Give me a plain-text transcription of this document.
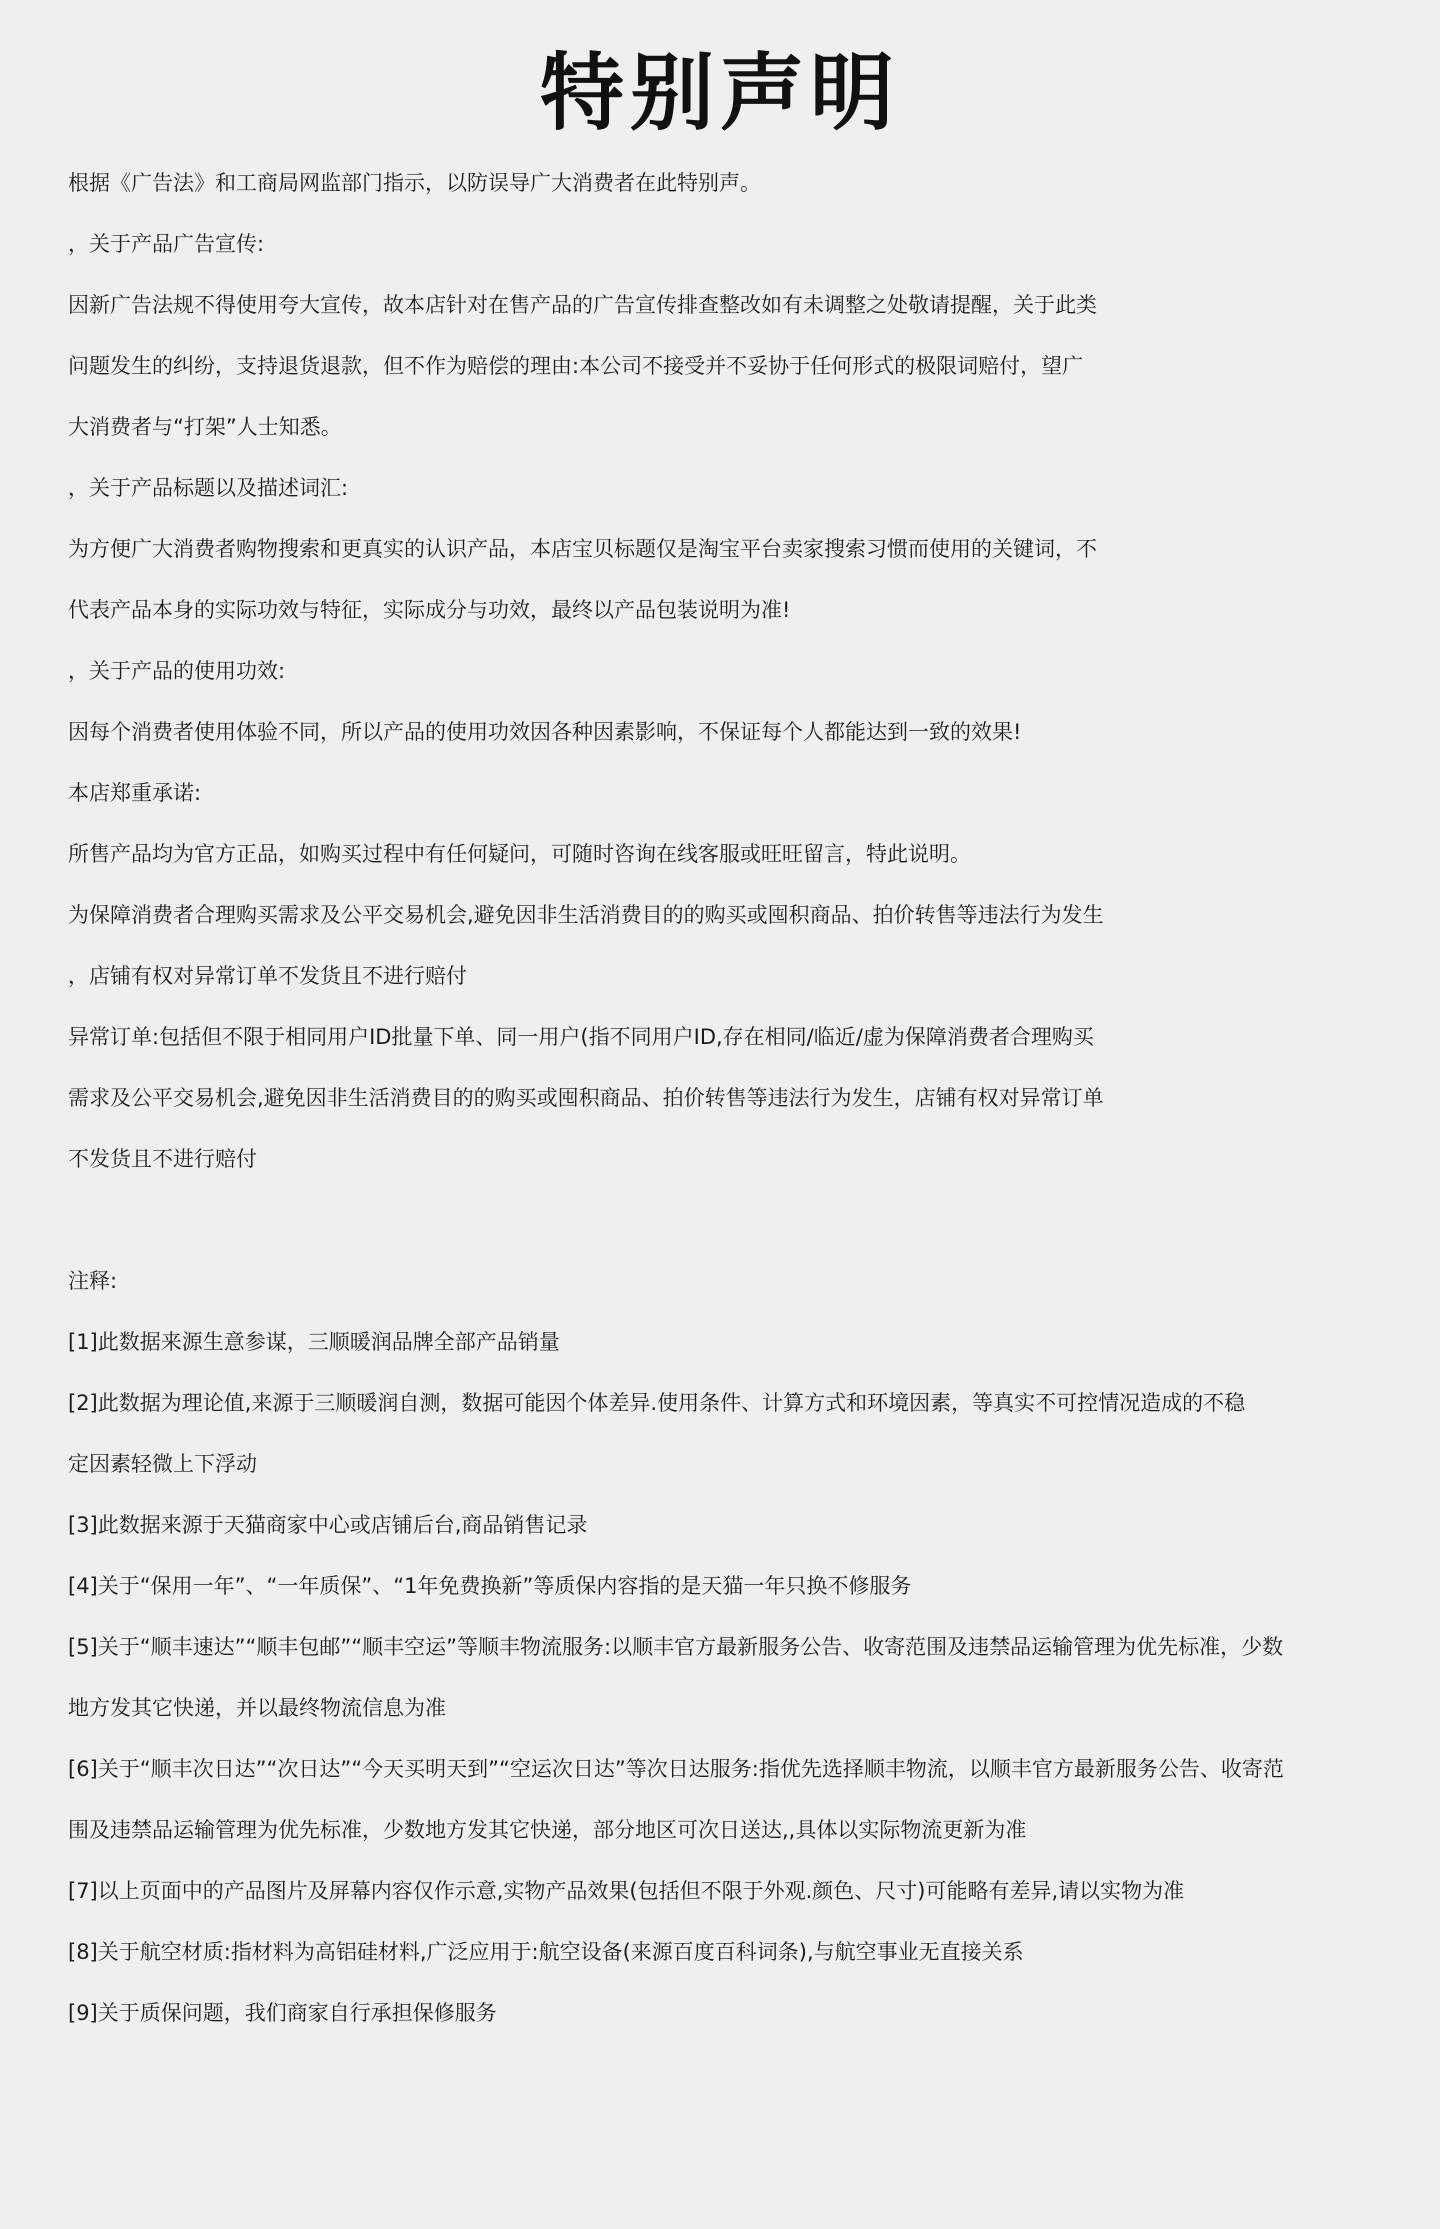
特别声明
根据《广告法》和工商局网监部门指示，以防误导广大消费者在此特别声。
，关于产品广告宣传:
因新广告法规不得使用夸大宣传，故本店针对在售产品的广告宣传排查整改如有未调整之处敬请提醒，关于此类
问题发生的纠纷，支持退货退款，但不作为赔偿的理由:本公司不接受并不妥协于任何形式的极限词赔付，望广
大消费者与“打架”人士知悉。
，关于产品标题以及描述词汇:
为方便广大消费者购物搜索和更真实的认识产品，本店宝贝标题仅是淘宝平台卖家搜索习惯而使用的关键词，不
代表产品本身的实际功效与特征，实际成分与功效，最终以产品包装说明为准!
，关于产品的使用功效:
因每个消费者使用体验不同，所以产品的使用功效因各种因素影响，不保证每个人都能达到一致的效果!
本店郑重承诺:
所售产品均为官方正品，如购买过程中有任何疑问，可随时咨询在线客服或旺旺留言，特此说明。
为保障消费者合理购买需求及公平交易机会,避免因非生活消费目的的购买或囤积商品、拍价转售等违法行为发生
，店铺有权对异常订单不发货且不进行赔付
异常订单:包括但不限于相同用户ID批量下单、同一用户(指不同用户ID,存在相同/临近/虚为保障消费者合理购买
需求及公平交易机会,避免因非生活消费目的的购买或囤积商品、拍价转售等违法行为发生，店铺有权对异常订单
不发货且不进行赔付
注释:
[1]此数据来源生意参谋，三顺暖润品牌全部产品销量
[2]此数据为理论值,来源于三顺暖润自测，数据可能因个体差异.使用条件、计算方式和环境因素，等真实不可控情况造成的不稳
定因素轻微上下浮动
[3]此数据来源于天猫商家中心或店铺后台,商品销售记录
[4]关于“保用一年”、“一年质保”、“1年免费换新”等质保内容指的是天猫一年只换不修服务
[5]关于“顺丰速达”“顺丰包邮”“顺丰空运”等顺丰物流服务:以顺丰官方最新服务公告、收寄范围及违禁品运输管理为优先标准，少数
地方发其它快递，并以最终物流信息为准
[6]关于“顺丰次日达”“次日达”“今天买明天到”“空运次日达”等次日达服务:指优先选择顺丰物流，以顺丰官方最新服务公告、收寄范
围及违禁品运输管理为优先标准，少数地方发其它快递，部分地区可次日送达,,具体以实际物流更新为准
[7]以上页面中的产品图片及屏幕内容仅作示意,实物产品效果(包括但不限于外观.颜色、尺寸)可能略有差异,请以实物为准
[8]关于航空材质:指材料为高铝硅材料,广泛应用于:航空设备(来源百度百科词条),与航空事业无直接关系
[9]关于质保问题，我们商家自行承担保修服务
